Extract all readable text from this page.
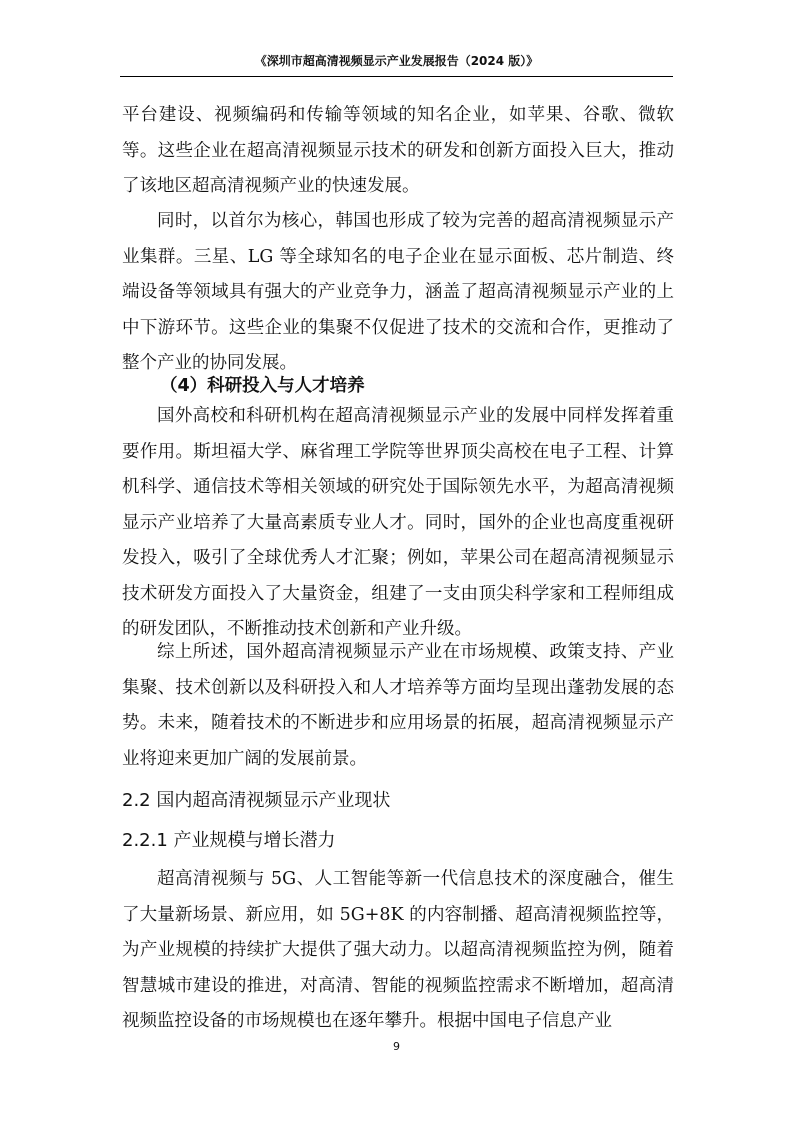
《深圳市超高清视频显示产业发展报告（2024 版）》
平台建设、视频编码和传输等领域的知名企业，如苹果、谷歌、微软等。这些企业在超高清视频显示技术的研发和创新方面投入巨大，推动了该地区超高清视频产业的快速发展。
同时，以首尔为核心，韩国也形成了较为完善的超高清视频显示产业集群。三星、LG 等全球知名的电子企业在显示面板、芯片制造、终端设备等领域具有强大的产业竞争力，涵盖了超高清视频显示产业的上中下游环节。这些企业的集聚不仅促进了技术的交流和合作，更推动了整个产业的协同发展。
（4）科研投入与人才培养
国外高校和科研机构在超高清视频显示产业的发展中同样发挥着重要作用。斯坦福大学、麻省理工学院等世界顶尖高校在电子工程、计算机科学、通信技术等相关领域的研究处于国际领先水平，为超高清视频显示产业培养了大量高素质专业人才。同时，国外的企业也高度重视研发投入，吸引了全球优秀人才汇聚；例如，苹果公司在超高清视频显示技术研发方面投入了大量资金，组建了一支由顶尖科学家和工程师组成的研发团队，不断推动技术创新和产业升级。
综上所述，国外超高清视频显示产业在市场规模、政策支持、产业集聚、技术创新以及科研投入和人才培养等方面均呈现出蓬勃发展的态势。未来，随着技术的不断进步和应用场景的拓展，超高清视频显示产业将迎来更加广阔的发展前景。
2.2 国内超高清视频显示产业现状
2.2.1 产业规模与增长潜力
超高清视频与 5G、人工智能等新一代信息技术的深度融合，催生了大量新场景、新应用，如 5G+8K 的内容制播、超高清视频监控等，为产业规模的持续扩大提供了强大动力。以超高清视频监控为例，随着智慧城市建设的推进，对高清、智能的视频监控需求不断增加，超高清视频监控设备的市场规模也在逐年攀升。根据中国电子信息产业
9
